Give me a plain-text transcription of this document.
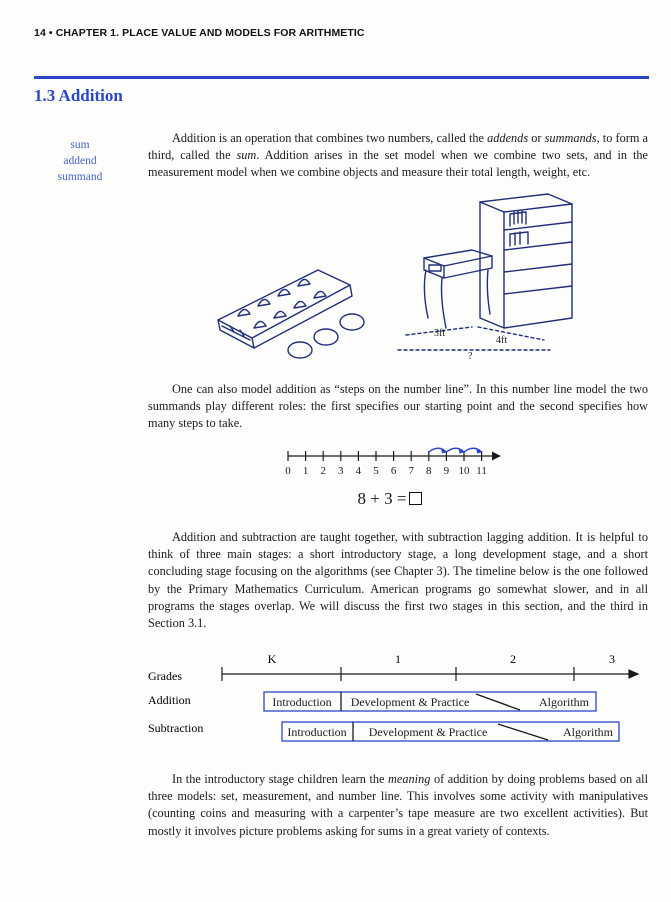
14 • CHAPTER 1. PLACE VALUE AND MODELS FOR ARITHMETIC
1.3 Addition
sum
addend
summand

Addition is an operation that combines two numbers, called the addends or summands, to form a third, called the sum. Addition arises in the set model when we combine two sets, and in the measurement model when we combine objects and measure their total length, weight, etc.

3ft
4ft
?

One can also model addition as “steps on the number line”. In this number line model the two summands play different roles: the first specifies our starting point and the second specifies how many steps to take.

0 1 2 3 4 5 6 7 8 9 10 11
8 + 3 =

Addition and subtraction are taught together, with subtraction lagging addition. It is helpful to think of three main stages: a short introductory stage, a long development stage, and a short concluding stage focusing on the algorithms (see Chapter 3). The timeline below is the one followed by the Primary Mathematics Curriculum. American programs go somewhat slower, and in all programs the stages overlap. We will discuss the first two stages in this section, and the third in Section 3.1.

K	1	2	3
Grades
Addition
Subtraction
Introduction Development & Practice	Algorithm
Introduction Development & Practice	Algorithm

In the introductory stage children learn the meaning of addition by doing problems based on all three models: set, measurement, and number line. This involves some activity with manipulatives (counting coins and measuring with a carpenter’s tape measure are two excellent activities). But mostly it involves picture problems asking for sums in a great variety of contexts.
